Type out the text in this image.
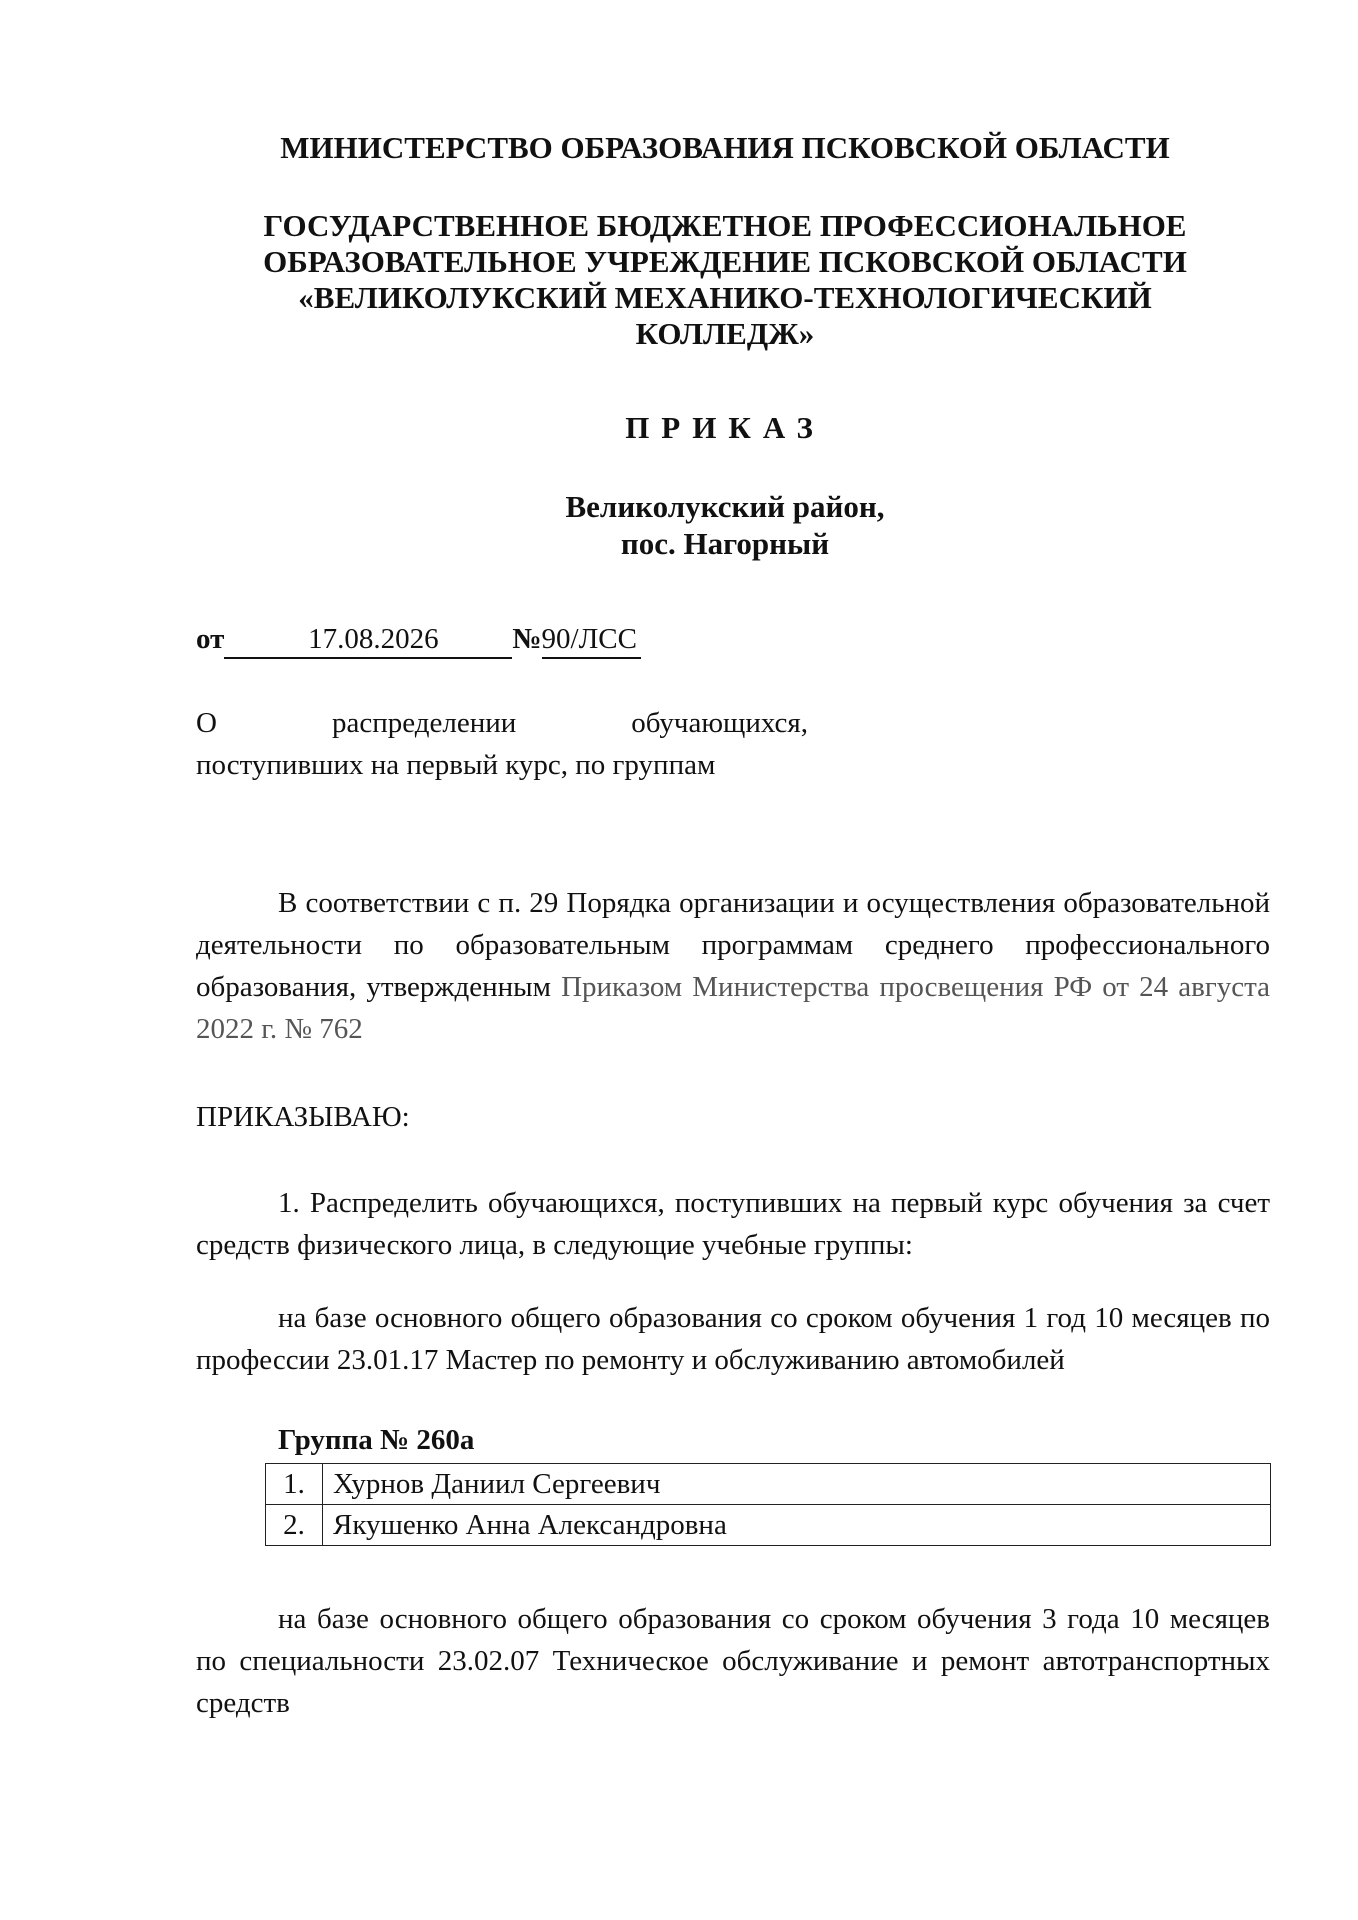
МИНИСТЕРСТВО ОБРАЗОВАНИЯ ПСКОВСКОЙ ОБЛАСТИ
ГОСУДАРСТВЕННОЕ БЮДЖЕТНОЕ ПРОФЕССИОНАЛЬНОЕ
ОБРАЗОВАТЕЛЬНОЕ УЧРЕЖДЕНИЕ ПСКОВСКОЙ ОБЛАСТИ
«ВЕЛИКОЛУКСКИЙ МЕХАНИКО-ТЕХНОЛОГИЧЕСКИЙ
КОЛЛЕДЖ»
ПРИКАЗ
Великолукский район,
пос. Нагорный
от	17.08.2026	№90/ЛСС
О	распределении	обучающихся,
поступивших на первый курс, по группам
В соответствии с п. 29 Порядка организации и осуществления образовательной деятельности по образовательным программам среднего профессионального образования, утвержденным Приказом Министерства просвещения РФ от 24 августа 2022 г. № 762
ПРИКАЗЫВАЮ:
1. Распределить обучающихся, поступивших на первый курс обучения за счет средств физического лица, в следующие учебные группы:
на базе основного общего образования со сроком обучения 1 год 10 месяцев по профессии 23.01.17 Мастер по ремонту и обслуживанию автомобилей
Группа № 260а
1.	Хурнов Даниил Сергеевич
2.	Якушенко Анна Александровна
на базе основного общего образования со сроком обучения 3 года 10 месяцев по специальности 23.02.07 Техническое обслуживание и ремонт автотранспортных средств
